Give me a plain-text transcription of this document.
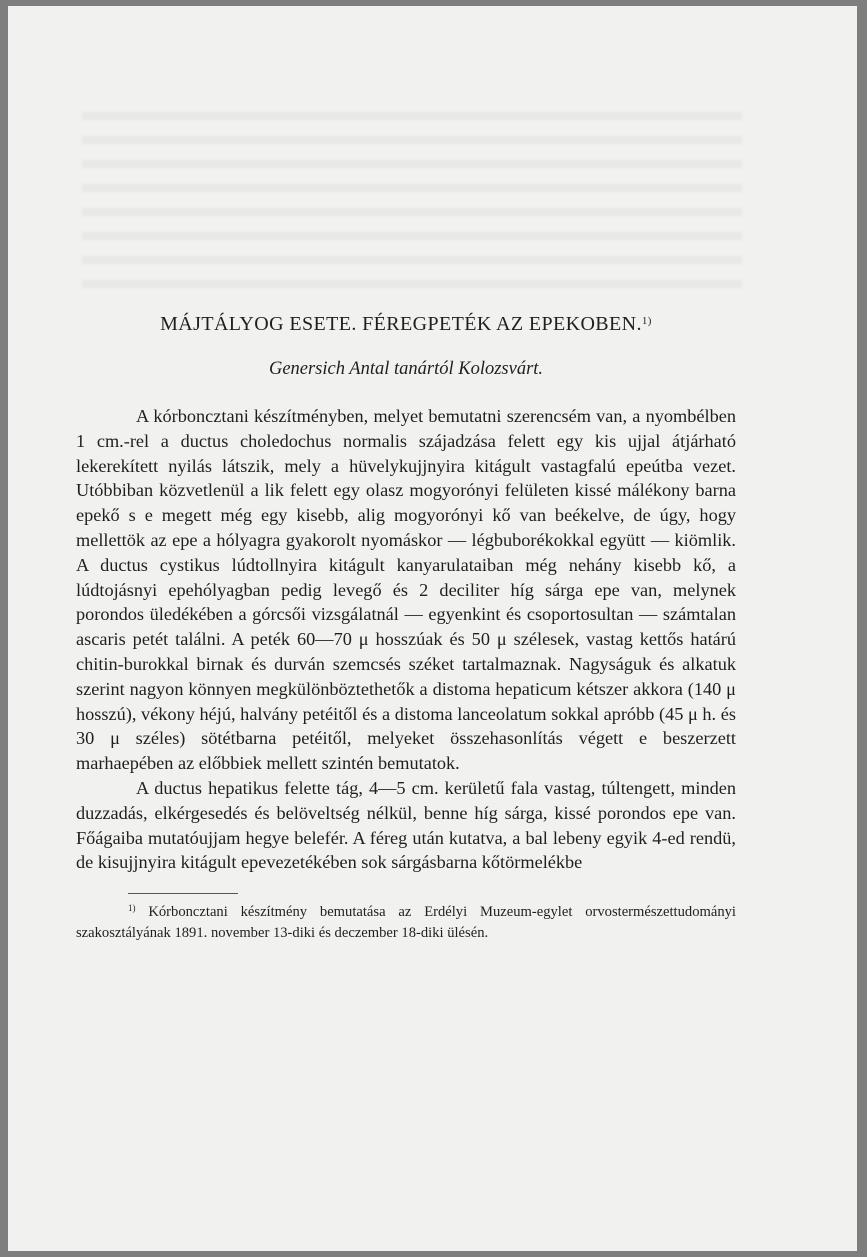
MÁJTÁLYOG ESETE. FÉREGPETÉK AZ EPEKOBEN.$^{1)}$
Genersich Antal tanártól Kolozsvárt.

A kórboncztani készítményben, melyet bemutatni szerencsém van, a nyombélben 1 cm.-rel a ductus choledochus normalis szájadzása felett egy kis ujjal átjárható lekerekített nyilás látszik, mely a hüvelykujjnyira kitágult vastagfalú epeútba vezet. Utóbbiban közvetlenül a lik felett egy olasz mogyorónyi felületen kissé málékony barna epekő s e megett még egy kisebb, alig mogyorónyi kő van beékelve, de úgy, hogy mellettök az epe a hólyagra gyakorolt nyomáskor — légbuborékokkal együtt — kiömlik. A ductus cystikus lúdtollnyira kitágult kanyarulataiban még nehány kisebb kő, a lúdtojásnyi epehólyagban pedig levegő és 2 deciliter híg sárga epe van, melynek porondos üledékében a górcsői vizsgálatnál — egyenkint és csoportosultan — számtalan ascaris petét találni. A peték 60—70 μ hosszúak és 50 μ szélesek, vastag kettős határú chitin-burokkal birnak és durván szemcsés széket tartalmaznak. Nagyságuk és alkatuk szerint nagyon könnyen megkülönböztethetők a distoma hepaticum kétszer akkora (140 μ hosszú), vékony héjú, halvány petéitől és a distoma lanceolatum sokkal apróbb (45 μ h. és 30 μ széles) sötétbarna petéitől, melyeket összehasonlítás végett e beszerzett marhaepében az előbbiek mellett szintén bemutatok.

A ductus hepatikus felette tág, 4—5 cm. kerületű fala vastag, túltengett, minden duzzadás, elkérgesedés és belöveltség nélkül, benne híg sárga, kissé porondos epe van. Főágaiba mutatóujjam hegye belefér. A féreg után kutatva, a bal lebeny egyik 4-ed rendü, de kisujjnyira kitágult epevezetékében sok sárgásbarna kőtörmelékbe

$^{1)}$ Kórboncztani készítmény bemutatása az Erdélyi Muzeum-egylet orvostermészettudományi szakosztályának 1891. november 13-diki és deczember 18-diki ülésén.
